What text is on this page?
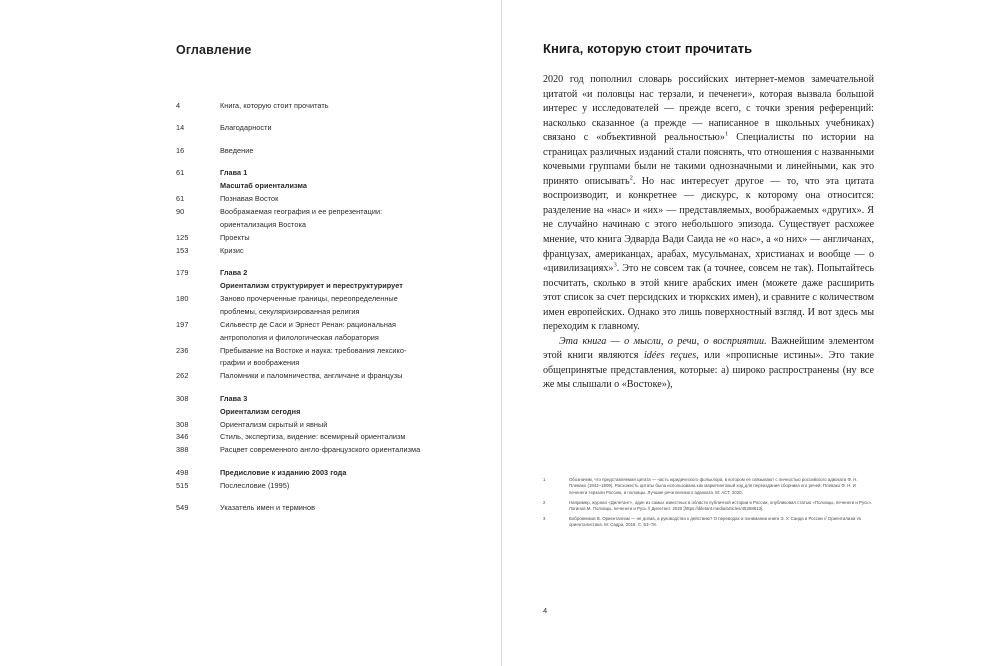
Оглавление
4	Книга, которую стоит прочитать
14	Благодарности
16	Введение
61	Глава 1

Масштаб ориентализма
61	Познавая Восток
90	Воображаемая география и ее репрезентации:

ориентализация Востока
125	Проекты
153	Кризис
179	Глава 2

Ориентализм структурирует и переструктурирует
180	Заново прочерченные границы, переопределенные

проблемы, секуляризированная религия
197	Сильвестр де Саси и Эрнест Ренан: рациональная

антропология и филологическая лаборатория
236	Пребывание на Востоке и наука: требования лексико-

графии и воображения
262	Паломники и паломничества, англичане и французы
308	Глава 3

Ориентализм сегодня
308	Ориентализм скрытый и явный
346	Стиль, экспертиза, видение: всемирный ориентализм
388	Расцвет современного англо-французского ориентализма
498	Предисловие к изданию 2003 года
515	Послесловие (1995)
549	Указатель имен и терминов
Книга, которую стоит прочитать

2020 год пополнил словарь российских интернет-мемов замечательной цитатой «и половцы нас терзали, и печенеги», которая вызвала большой интерес у исследователей — прежде всего, с точки зрения референций: насколько сказанное (а прежде — написанное в школьных учебниках) связано с «объективной реальностью»$^1$ Специалисты по истории на страницах различных изданий стали пояснять, что отношения с названными кочевыми группами были не такими однозначными и линейными, как это принято описывать$^2$. Но нас интересует другое — то, что эта цитата воспроизводит, и конкретнее — дискурс, к которому она относится: разделение на «нас» и «их» — представляемых, воображаемых «других». Я не случайно начинаю с этого небольшого эпизода. Существует расхожее мнение, что книга Эдварда Вади Саида не «о нас», а «о них» — англичанах, французах, американцах, арабах, мусульманах, христианах и вообще — о «цивилизациях»$^3$. Это не совсем так (а точнее, совсем не так). Попытайтесь посчитать, сколько в этой книге арабских имен (можете даже расширить этот список за счет персидских и тюркских имен), и сравните с количеством имен европейских. Однако это лишь поверхностный взгляд. И вот здесь мы переходим к главному.

Эта книга — о мысли, о речи, о восприятии. Важнейшим элементом этой книги являются idées reçues, или «прописные истины». Это такие общепринятые представления, которые: а) широко распространены (ну все же мы слышали о «Востоке»),

1	Обозначим, что представляемая цитата — часть юридического фольклора, в котором ее связывают с личностью российского адвоката Ф. Н. Плевако (1842–1909). Расхожесть цитаты была использована как маркетинговый ход для переиздания сборника его речей. Плевако Ф. Н. И печенеги терзали Россию, и половцы. Лучшие речи великого адвоката. М: АСТ, 2020.
2	Например, журнал «Дилетант», один из самых известных в области публичной истории в России, опубликовал статью «Половцы, печенеги и Русь». Логинов М. Половцы, печенеги и Русь // Дилетант. 2020 [https://diletant.media/articles/45268813].
3	Бобровников В. Ориентализм — не догма, а руководство к действию? О переводах и понимании книги Э. У. Саида в России // Ориентализм vs ориенталистика. М: Садра, 2016. С. 53–78.
4
